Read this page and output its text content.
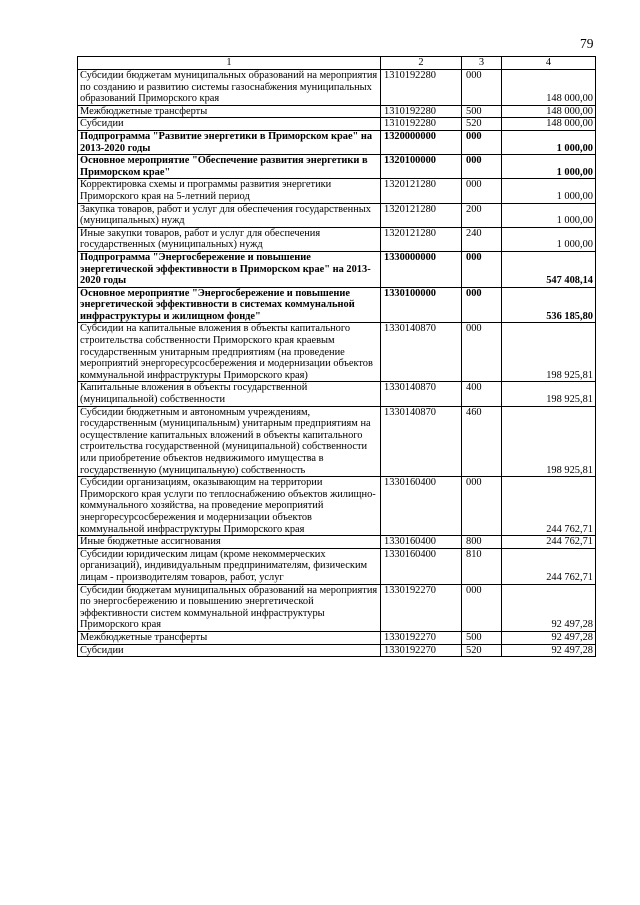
79
1	2	3	4
Субсидии бюджетам муниципальных образований на мероприятия по созданию и развитию системы газоснабжения муниципальных образований Приморского края	1310192280	000	148 000,00
Межбюджетные трансферты	1310192280	500	148 000,00
Субсидии	1310192280	520	148 000,00
Подпрограмма "Развитие энергетики в Приморском крае" на 2013-2020 годы	1320000000	000	1 000,00
Основное мероприятие "Обеспечение развития энергетики в Приморском крае"	1320100000	000	1 000,00
Корректировка схемы и программы развития энергетики Приморского края на 5-летний период	1320121280	000	1 000,00
Закупка товаров, работ и услуг для обеспечения государственных (муниципальных) нужд	1320121280	200	1 000,00
Иные закупки товаров, работ и услуг для обеспечения государственных (муниципальных) нужд	1320121280	240	1 000,00
Подпрограмма "Энергосбережение и повышение энергетической эффективности в Приморском крае" на 2013-2020 годы	1330000000	000	547 408,14
Основное мероприятие "Энергосбережение и повышение энергетической эффективности в системах коммунальной инфраструктуры и жилищном фонде"	1330100000	000	536 185,80
Субсидии на капитальные вложения в объекты капитального строительства собственности Приморского края краевым государственным унитарным предприятиям (на проведение мероприятий энергоресурсосбережения и модернизации объектов коммунальной инфраструктуры Приморского края)	1330140870	000	198 925,81
Капитальные вложения в объекты государственной (муниципальной) собственности	1330140870	400	198 925,81
Субсидии бюджетным и автономным учреждениям, государственным (муниципальным) унитарным предприятиям на осуществление капитальных вложений в объекты капитального строительства государственной (муниципальной) собственности или приобретение объектов недвижимого имущества в государственную (муниципальную) собственность	1330140870	460	198 925,81
Субсидии организациям, оказывающим на территории Приморского края услуги по теплоснабжению объектов жилищно-коммунального хозяйства, на проведение мероприятий энергоресурсосбережения и модернизации объектов коммунальной инфраструктуры Приморского края	1330160400	000	244 762,71
Иные бюджетные ассигнования	1330160400	800	244 762,71
Субсидии юридическим лицам (кроме некоммерческих организаций), индивидуальным предпринимателям, физическим лицам - производителям товаров, работ, услуг	1330160400	810	244 762,71
Субсидии бюджетам муниципальных образований на мероприятия по энергосбережению и повышению энергетической эффективности систем коммунальной инфраструктуры Приморского края	1330192270	000	92 497,28
Межбюджетные трансферты	1330192270	500	92 497,28
Субсидии	1330192270	520	92 497,28
